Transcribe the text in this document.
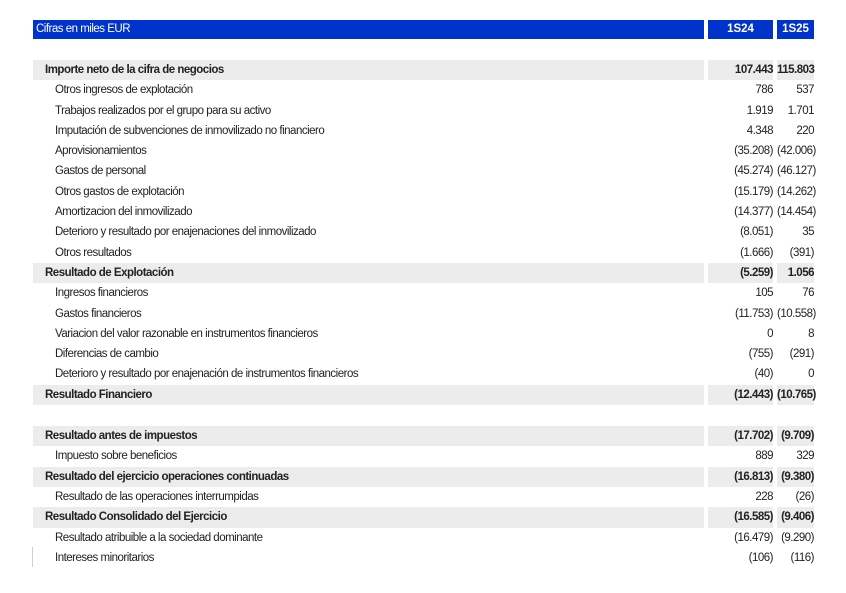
Cifras en miles EUR	1S24	1S25
Importe neto de la cifra de negocios	107.443 115.803
Otros ingresos de explotación	786	537
Trabajos realizados por el grupo para su activo	1.919	1.701
Imputación de subvenciones de inmovilizado no financiero	4.348	220
Aprovisionamientos	(35.208) (42.006)
Gastos de personal	(45.274) (46.127)
Otros gastos de explotación	(15.179) (14.262)
Amortizacion del inmovilizado	(14.377) (14.454)
Deterioro y resultado por enajenaciones del inmovilizado	(8.051)	35
Otros resultados	(1.666)	(391)
Resultado de Explotación	(5.259)	1.056
Ingresos financieros	105	76
Gastos financieros	(11.753) (10.558)
Variacion del valor razonable en instrumentos financieros	0	8
Diferencias de cambio	(755)	(291)
Deterioro y resultado por enajenación de instrumentos financieros	(40)	0
Resultado Financiero	(12.443) (10.765)
Resultado antes de impuestos	(17.702) (9.709)
Impuesto sobre beneficios	889	329
Resultado del ejercicio operaciones continuadas	(16.813) (9.380)
Resultado de las operaciones interrumpidas	228	(26)
Resultado Consolidado del Ejercicio	(16.585) (9.406)
Resultado atribuible a la sociedad dominante	(16.479) (9.290)
Intereses minoritarios	(106)	(116)
